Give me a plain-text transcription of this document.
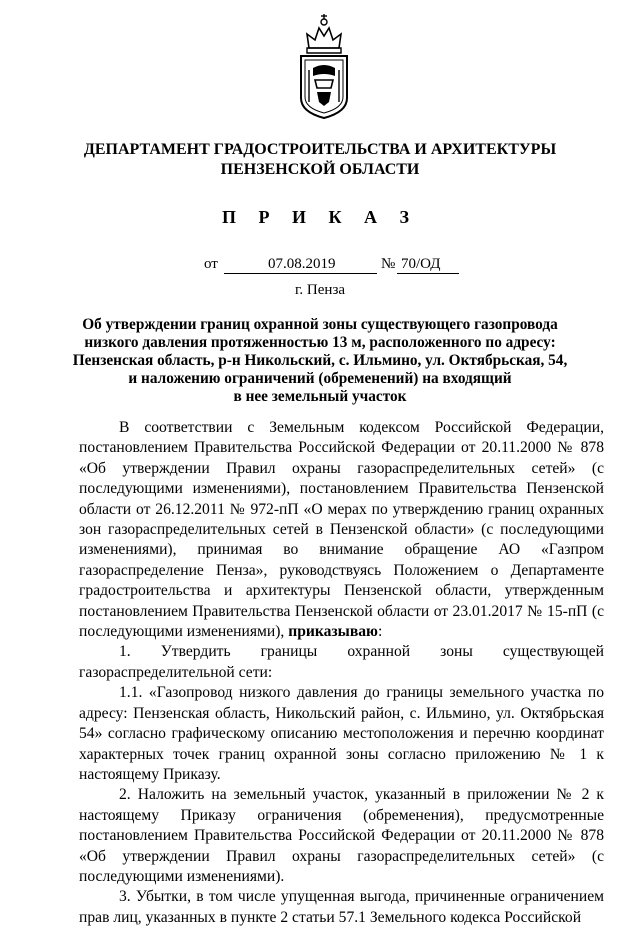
ДЕПАРТАМЕНТ ГРАДОСТРОИТЕЛЬСТВА И АРХИТЕКТУРЫ
ПЕНЗЕНСКОЙ ОБЛАСТИ
П Р И К А З
от	07.08.2019	№ 70/ОД
г. Пенза
Об утверждении границ охранной зоны существующего газопровода
низкого давления протяженностью 13 м, расположенного по адресу:
Пензенская область, р-н Никольский, с. Ильмино, ул. Октябрьская, 54,
и наложению ограничений (обременений) на входящий
в нее земельный участок

В соответствии с Земельным кодексом Российской Федерации, постановлением Правительства Российской Федерации от 20.11.2000 № 878 «Об утверждении Правил охраны газораспределительных сетей» (с последующими изменениями), постановлением Правительства Пензенской области от 26.12.2011 № 972-пП «О мерах по утверждению границ охранных зон газораспределительных сетей в Пензенской области» (с последующими изменениями), принимая во внимание обращение АО «Газпром газораспределение Пенза», руководствуясь Положением о Департаменте градостроительства и архитектуры Пензенской области, утвержденным постановлением Правительства Пензенской области от 23.01.2017 № 15-пП (с последующими изменениями), приказываю:

1. Утвердить границы охранной зоны существующей газораспределительной сети:

1.1. «Газопровод низкого давления до границы земельного участка по адресу: Пензенская область, Никольский район, с. Ильмино, ул. Октябрьская 54» согласно графическому описанию местоположения и перечню координат характерных точек границ охранной зоны согласно приложению № 1 к настоящему Приказу.

2. Наложить на земельный участок, указанный в приложении № 2 к настоящему Приказу ограничения (обременения), предусмотренные постановлением Правительства Российской Федерации от 20.11.2000 № 878 «Об утверждении Правил охраны газораспределительных сетей» (с последующими изменениями).

3. Убытки, в том числе упущенная выгода, причиненные ограничением прав лиц, указанных в пункте 2 статьи 57.1 Земельного кодекса Российской
